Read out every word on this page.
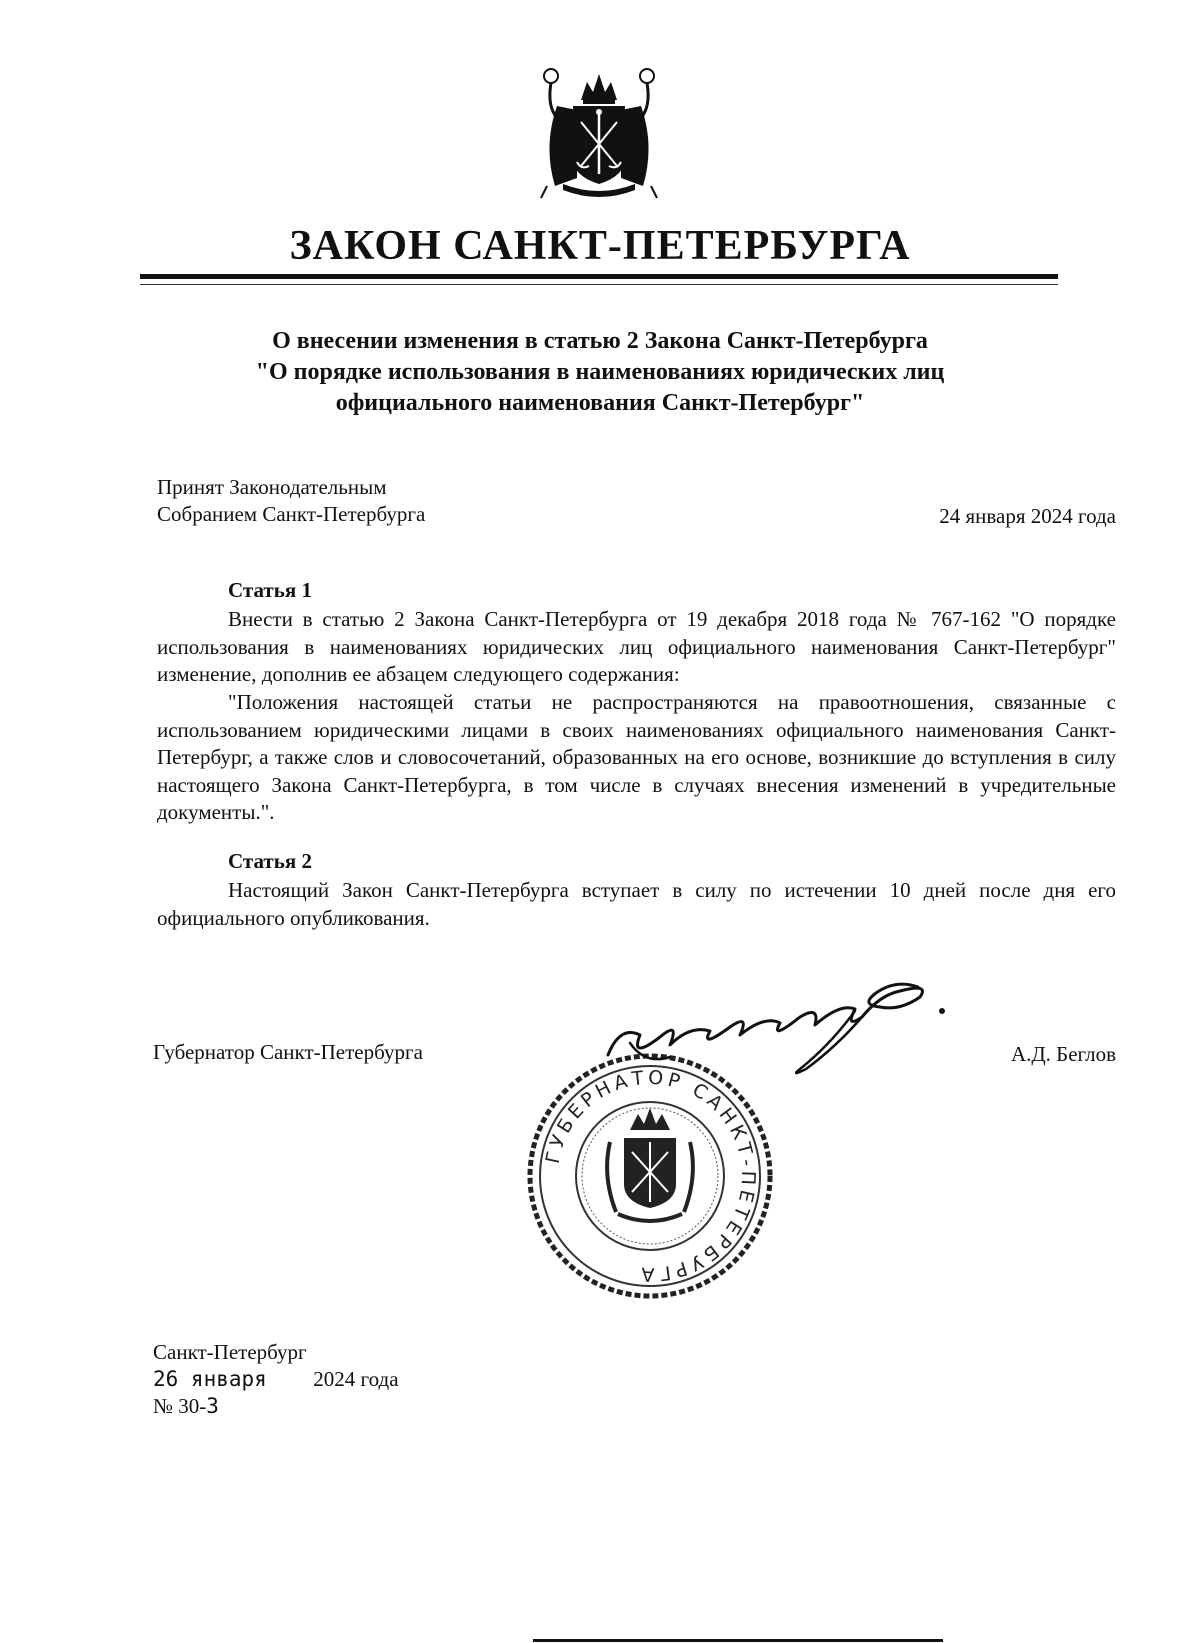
ЗАКОН САНКТ-ПЕТЕРБУРГА
О внесении изменения в статью 2 Закона Санкт-Петербурга
"О порядке использования в наименованиях юридических лиц
официального наименования Санкт-Петербург"
Принят Законодательным
Собранием Санкт-Петербурга	24 января 2024 года
Статья 1

Внести в статью 2 Закона Санкт-Петербурга от 19 декабря 2018 года № 767-162 "О порядке использования в наименованиях юридических лиц официального наименования Санкт-Петербург" изменение, дополнив ее абзацем следующего содержания:

"Положения настоящей статьи не распространяются на правоотношения, связанные с использованием юридическими лицами в своих наименованиях официального наименования Санкт-Петербург, а также слов и словосочетаний, образованных на его основе, возникшие до вступления в силу настоящего Закона Санкт-Петербурга, в том числе в случаях внесения изменений в учредительные документы.".

Статья 2

Настоящий Закон Санкт-Петербурга вступает в силу по истечении 10 дней после дня его официального опубликования.

Губернатор Санкт-Петербурга	А.Д. Беглов
ГУБЕРНАТОР САНКТ-ПЕТЕРБУРГА
Санкт-Петербург
26 января 2024 года
№ 30-3
